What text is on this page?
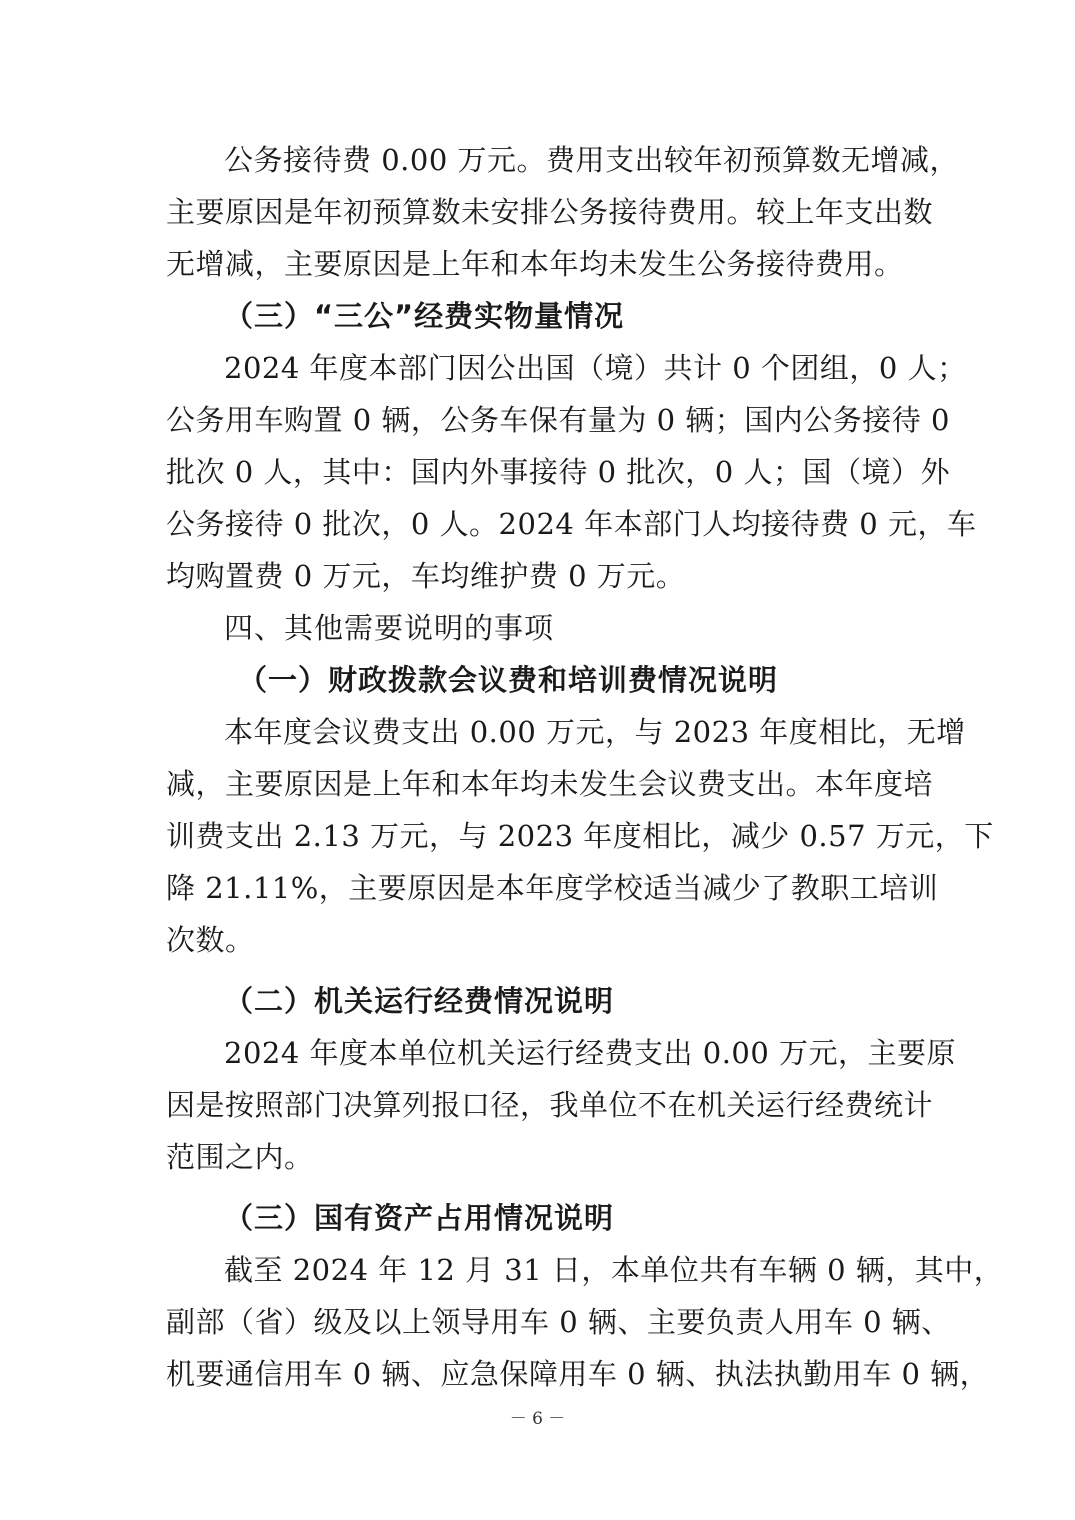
公务接待费 0.00 万元。费用支出较年初预算数无增减，
主要原因是年初预算数未安排公务接待费用。较上年支出数
无增减，主要原因是上年和本年均未发生公务接待费用。
（三）“三公”经费实物量情况
2024 年度本部门因公出国（境）共计 0 个团组，0 人；
公务用车购置 0 辆，公务车保有量为 0 辆；国内公务接待 0
批次 0 人，其中：国内外事接待 0 批次，0 人；国（境）外
公务接待 0 批次，0 人。2024 年本部门人均接待费 0 元，车
均购置费 0 万元，车均维护费 0 万元。
四、其他需要说明的事项
（一）财政拨款会议费和培训费情况说明
本年度会议费支出 0.00 万元，与 2023 年度相比，无增
减，主要原因是上年和本年均未发生会议费支出。本年度培
训费支出 2.13 万元，与 2023 年度相比，减少 0.57 万元，下
降 21.11%，主要原因是本年度学校适当减少了教职工培训
次数。
（二）机关运行经费情况说明
2024 年度本单位机关运行经费支出 0.00 万元，主要原
因是按照部门决算列报口径，我单位不在机关运行经费统计
范围之内。
（三）国有资产占用情况说明
截至 2024 年 12 月 31 日，本单位共有车辆 0 辆，其中，
副部（省）级及以上领导用车 0 辆、主要负责人用车 0 辆、
机要通信用车 0 辆、应急保障用车 0 辆、执法执勤用车 0 辆，
－ 6 －
